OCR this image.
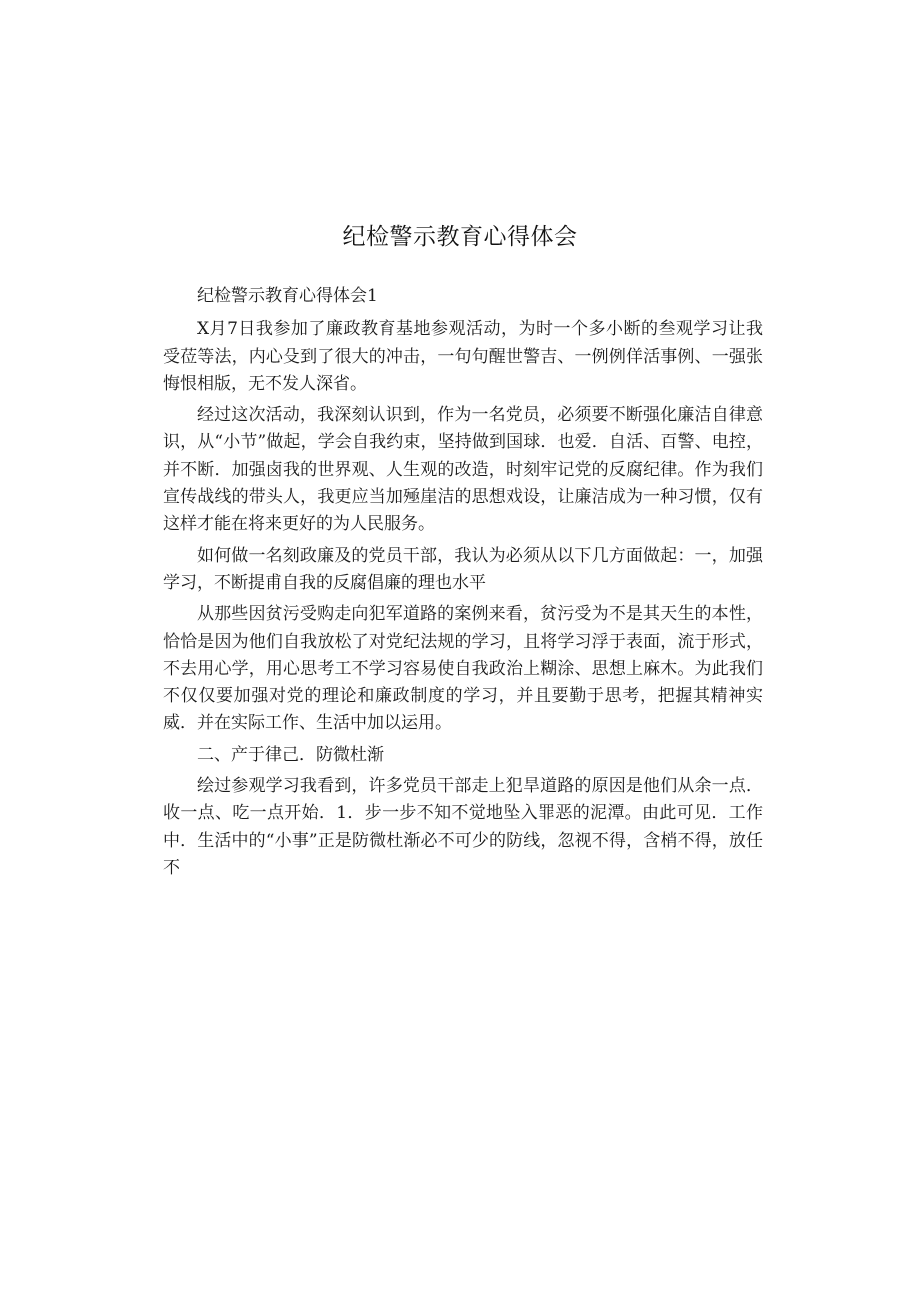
纪检警示教育心得体会

纪检警示教育心得体会1

X月7日我参加了廉政教育基地参观活动，为时一个多小断的叁观学习让我受莅等法，内心殳到了很大的冲击，一句句醒世警吉、一例例佯活事例、一强张悔恨相版，无不发人深省。

经过这次活动，我深刻认识到，作为一名党员，必须要不断强化廉洁自律意识，从“小节”做起，学会自我约束，坚持做到国球．也爱．自活、百警、电控，并不断．加强卤我的世界观、人生观的改造，时刻牢记党的反腐纪律。作为我们宣传战线的带头人，我更应当加殛崖洁的思想戏设，让廉洁成为一种习惯，仅有这样才能在将来更好的为人民服务。

如何做一名刻政廉及的党员干部，我认为必须从以下几方面做起：一，加强学习，不断提甫自我的反腐倡廉的理也水平

从那些因贫污受购走向犯军道路的案例来看，贫污受为不是其天生的本性，恰恰是因为他们自我放松了对党纪法规的学习，且将学习浮于表面，流于形式，不去用心学，用心思考工不学习容易使自我政治上糊涂、思想上麻木。为此我们不仅仅要加强对党的理论和廉政制度的学习，并且要勤于思考，把握其精神实威．并在实际工作、生活中加以运用。

二、产于律己．防微杜渐

绘过参观学习我看到，许多党员干部走上犯旱道路的原因是他们从余一点．收一点、吃一点开始．1．步一步不知不觉地坠入罪恶的泥潭。由此可见．工作中．生活中的“小事”正是防微杜渐必不可少的防线，忽视不得，含梢不得，放任不
